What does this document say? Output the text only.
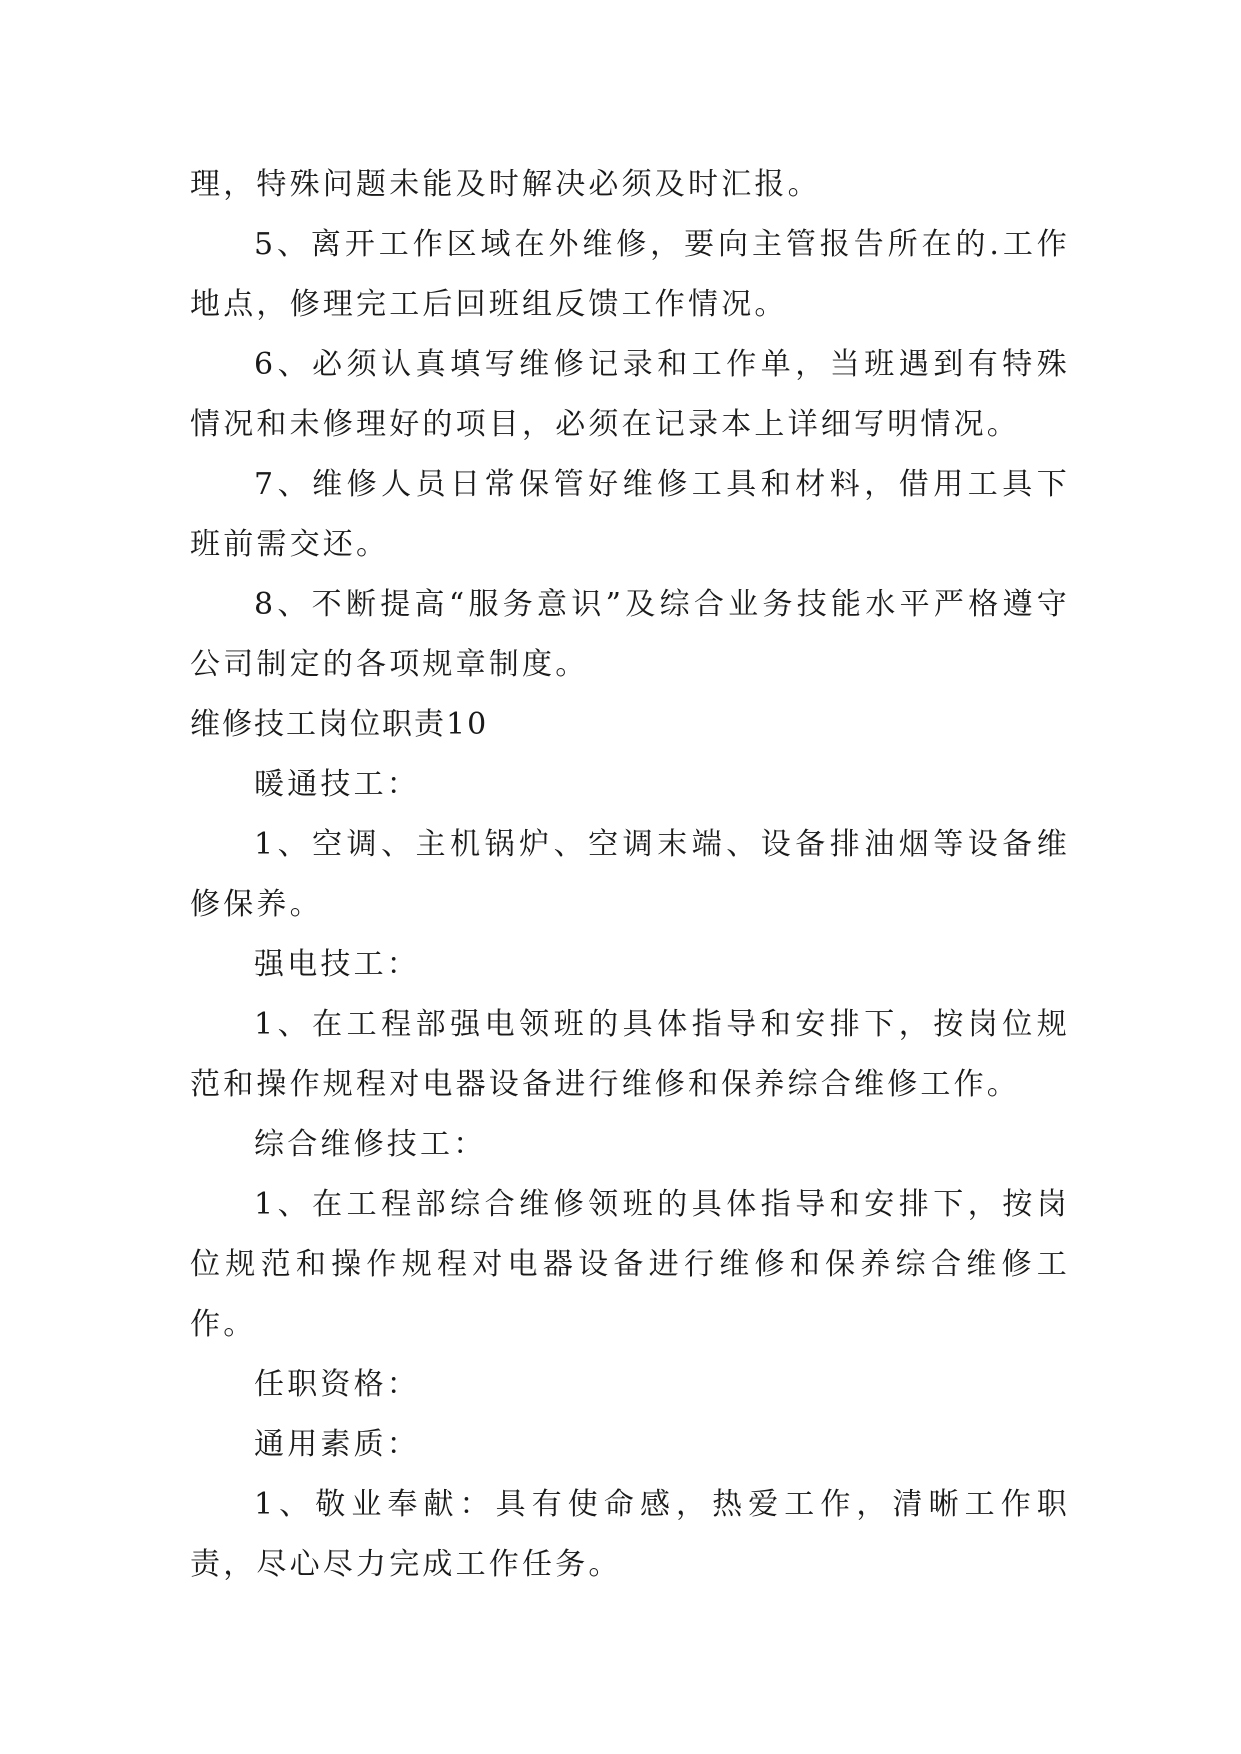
理，特殊问题未能及时解决必须及时汇报。

5、离开工作区域在外维修，要向主管报告所在的.工作地点，修理完工后回班组反馈工作情况。

6、必须认真填写维修记录和工作单，当班遇到有特殊情况和未修理好的项目，必须在记录本上详细写明情况。

7、维修人员日常保管好维修工具和材料，借用工具下班前需交还。

8、不断提高“服务意识”及综合业务技能水平严格遵守公司制定的各项规章制度。

维修技工岗位职责10

暖通技工：

1、空调、主机锅炉、空调末端、设备排油烟等设备维修保养。

强电技工：

1、在工程部强电领班的具体指导和安排下，按岗位规范和操作规程对电器设备进行维修和保养综合维修工作。

综合维修技工：

1、在工程部综合维修领班的具体指导和安排下，按岗位规范和操作规程对电器设备进行维修和保养综合维修工作。

任职资格：

通用素质：

1、敬业奉献：具有使命感，热爱工作，清晰工作职责，尽心尽力完成工作任务。
